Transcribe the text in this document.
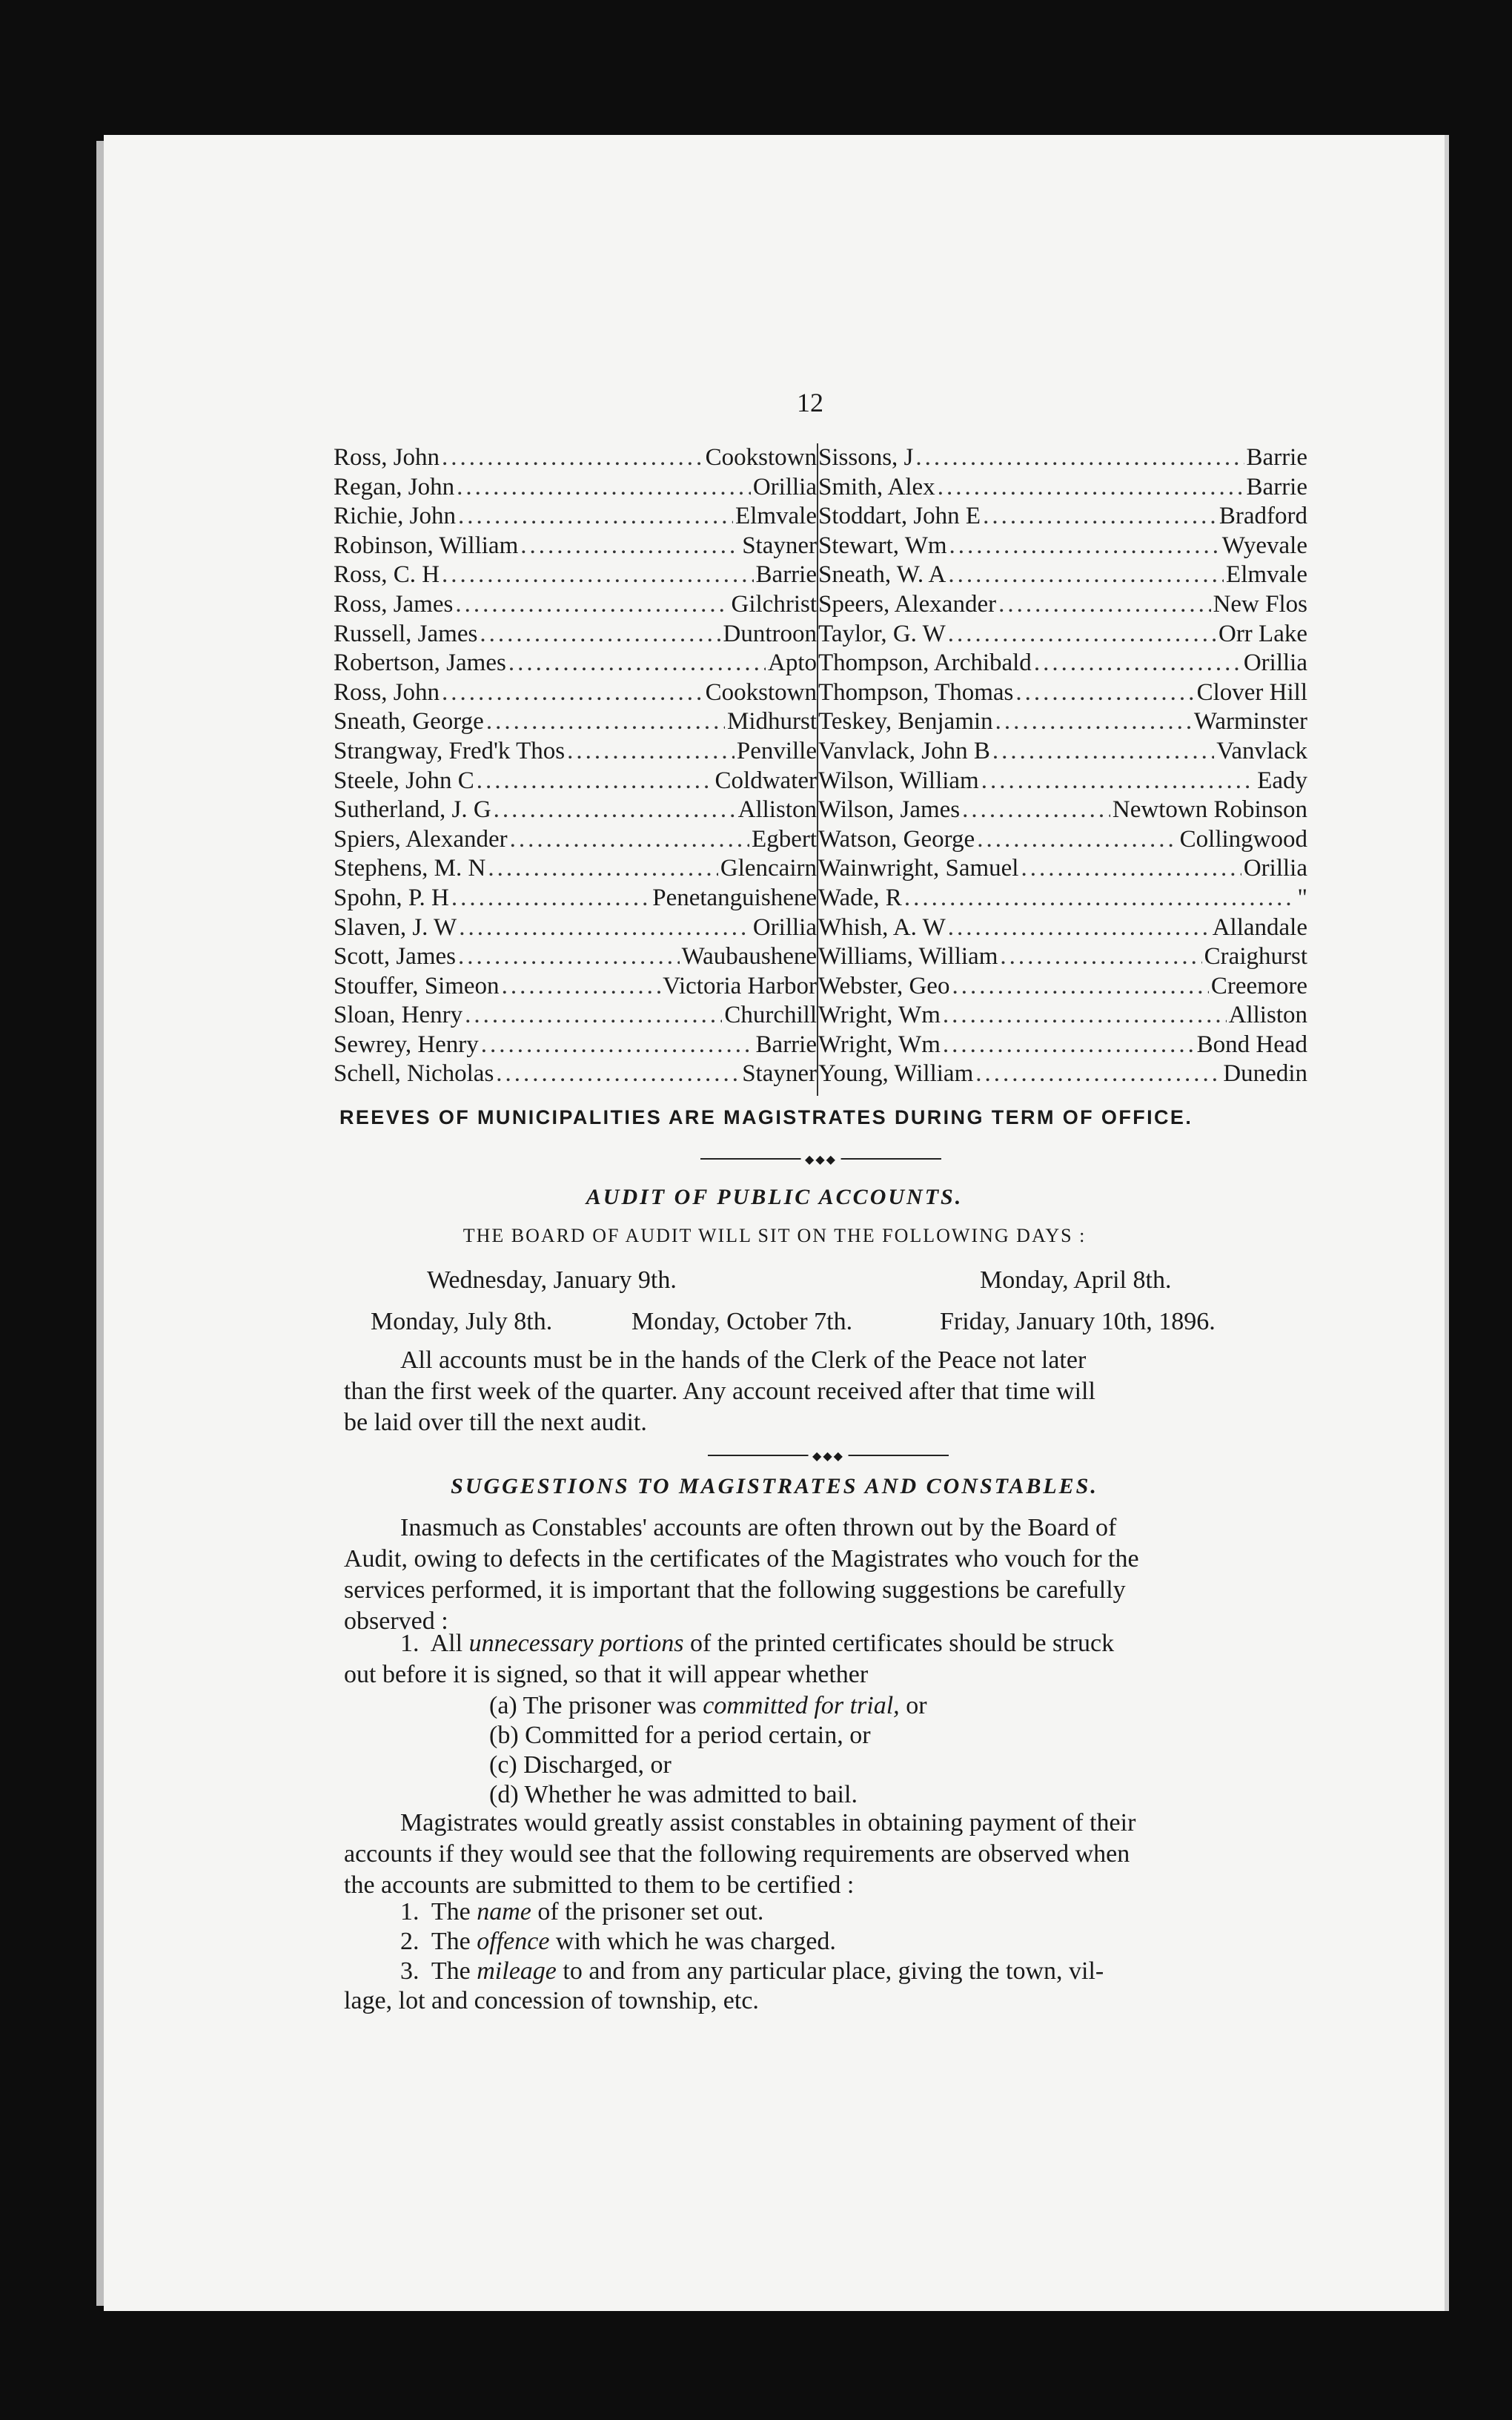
12
Ross, John .....	Cookstown
Regan, John .....	Orillia
Richie, John .....	Elmvale
Robinson, William .....	Stayner
Ross, C. H .....	Barrie
Ross, James .....	Gilchrist
Russell, James .....	Duntroon
Robertson, James .....	Apto
Ross, John .....	Cookstown
Sneath, George .....	Midhurst
Strangway, Fred'k Thos .....	Penville
Steele, John C .....	Coldwater
Sutherland, J. G .....	Alliston
Spiers, Alexander .....	Egbert
Stephens, M. N .....	Glencairn
Spohn, P. H .....	Penetanguishene
Slaven, J. W .....	Orillia
Scott, James .....	Waubaushene
Stouffer, Simeon .....	Victoria Harbor
Sloan, Henry .....	Churchill
Sewrey, Henry .....	Barrie
Schell, Nicholas .....	Stayner
Sissons, J .....	Barrie
Smith, Alex .....	Barrie
Stoddart, John E .....	Bradford
Stewart, Wm .....	Wyevale
Sneath, W. A .....	Elmvale
Speers, Alexander .....	New Flos
Taylor, G. W .....	Orr Lake
Thompson, Archibald .....	Orillia
Thompson, Thomas .....	Clover Hill
Teskey, Benjamin .....	Warminster
Vanvlack, John B .....	Vanvlack
Wilson, William .....	Eady
Wilson, James .....	Newtown Robinson
Watson, George .....	Collingwood
Wainwright, Samuel .....	Orillia
Wade, R .....	"
Whish, A. W .....	Allandale
Williams, William .....	Craighurst
Webster, Geo .....	Creemore
Wright, Wm .....	Alliston
Wright, Wm .....	Bond Head
Young, William .....	Dunedin
REEVES OF MUNICIPALITIES ARE MAGISTRATES DURING TERM OF OFFICE.
◆◆◆
AUDIT OF PUBLIC ACCOUNTS.
THE BOARD OF AUDIT WILL SIT ON THE FOLLOWING DAYS :
Wednesday, January 9th.	Monday, April 8th.
Monday, July 8th.	Monday, October 7th.	Friday, January 10th, 1896.
All accounts must be in the hands of the Clerk of the Peace not later
than the first week of the quarter. Any account received after that time will
be laid over till the next audit.
◆◆◆
SUGGESTIONS TO MAGISTRATES AND CONSTABLES.
Inasmuch as Constables' accounts are often thrown out by the Board of
Audit, owing to defects in the certificates of the Magistrates who vouch for the
services performed, it is important that the following suggestions be carefully
observed :
1. All unnecessary portions of the printed certificates should be struck
out before it is signed, so that it will appear whether
(a) The prisoner was committed for trial, or
(b) Committed for a period certain, or
(c) Discharged, or
(d) Whether he was admitted to bail.
Magistrates would greatly assist constables in obtaining payment of their
accounts if they would see that the following requirements are observed when
the accounts are submitted to them to be certified :
1. The name of the prisoner set out.
2. The offence with which he was charged.
3. The mileage to and from any particular place, giving the town, vil-
lage, lot and concession of township, etc.
